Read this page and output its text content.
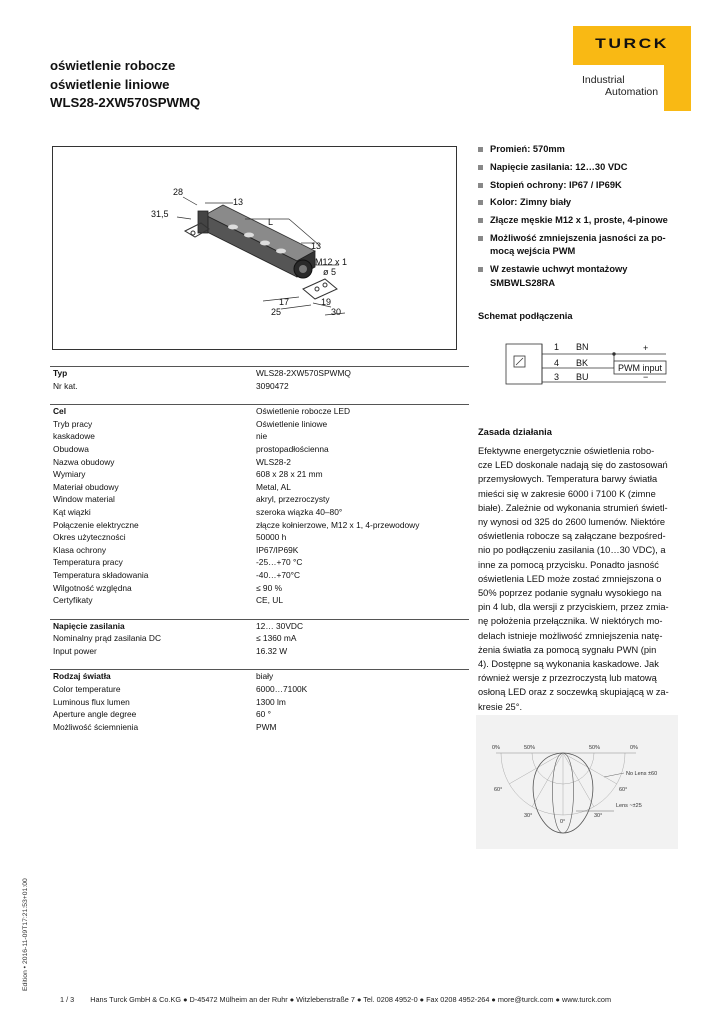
oświetlenie robocze
oświetlenie liniowe
WLS28-2XW570SPWMQ
TURCK
Industrial
Automation
28
31,5
13
L
13
M12 x 1
ø 5
17	19
25	30
Typ	WLS28-2XW570SPWMQ
Nr kat.	3090472
Cel	Oświetlenie robocze LED
Tryb pracy	Oświetlenie liniowe
kaskadowe	nie
Obudowa	prostopadłościenna
Nazwa obudowy	WLS28-2
Wymiary	608 x 28 x 21 mm
Materiał obudowy	Metal, AL
Window material	akryl, przezroczysty
Kąt wiązki	szeroka wiązka 40–80°
Połączenie elektryczne	złącze kołnierzowe, M12 x 1, 4-przewodowy
Okres użyteczności	50000 h
Klasa ochrony	IP67/IP69K
Temperatura pracy	-25…+70 °C
Temperatura składowania	-40…+70°C
Wilgotność względna	≤ 90 %
Certyfikaty	CE, UL
Napięcie zasilania	12… 30VDC
Nominalny prąd zasilania DC	≤ 1360 mA
Input power	16.32 W
Rodzaj światła	biały
Color temperature	6000…7100K
Luminous flux lumen	1300 lm
Aperture angle degree	60 °
Możliwość ściemnienia	PWM
Promień: 570mm
Napięcie zasilania: 12…30 VDC
Stopień ochrony: IP67 / IP69K
Kolor: Zimny biały
Złącze męskie M12 x 1, proste, 4-pinowe
Możliwość zmniejszenia jasności za po-
mocą wejścia PWM
W zestawie uchwyt montażowy
SMBWLS28RA
Schemat podłączenia
1
4
3
BN
BK
BU
+
−
PWM input
Zasada działania

Efektywne energetycznie oświetlenia robo-

cze LED doskonale nadają się do zastosowań

przemysłowych. Temperatura barwy światła

mieści się w zakresie 6000 i 7100 K (zimne

białe). Zależnie od wykonania strumień świetl-

ny wynosi od 325 do 2600 lumenów. Niektóre

oświetlenia robocze są załączane bezpośred-

nio po podłączeniu zasilania (10…30 VDC), a

inne za pomocą przycisku. Ponadto jasność

oświetlenia LED może zostać zmniejszona o

50% poprzez podanie sygnału wysokiego na

pin 4 lub, dla wersji z przyciskiem, przez zmia-

nę położenia przełącznika. W niektórych mo-

delach istnieje możliwość zmniejszenia natę-

żenia światła za pomocą sygnału PWN (pin

4). Dostępne są wykonania kaskadowe. Jak

również wersje z przezroczystą lub matową

osłoną LED oraz z soczewką skupiającą w za-

kresie 25°.

0%	50%	50%	0%
No Lens ±60
Lens ~±25
60°	60°
30°	30°
0°
Edition • 2016-11-09T17:21:53+01:00
1 / 3 Hans Turck GmbH & Co.KG ● D-45472 Mülheim an der Ruhr ● Witzlebenstraße 7 ● Tel. 0208 4952-0 ● Fax 0208 4952-264 ● more@turck.com ● www.turck.com
